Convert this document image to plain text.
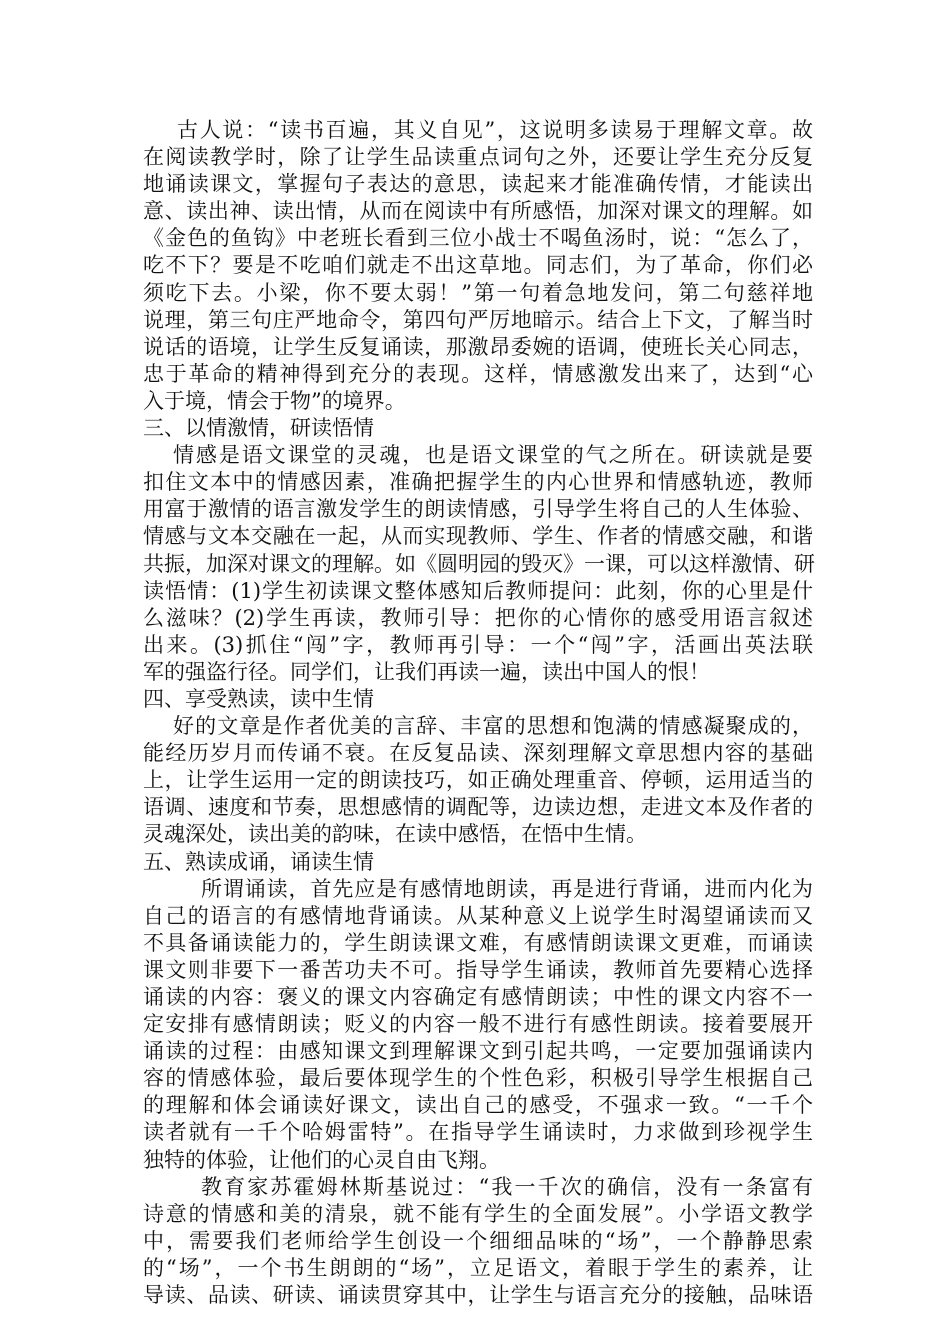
古人说：“读书百遍，其义自见”，这说明多读易于理解文章。故
在阅读教学时，除了让学生品读重点词句之外，还要让学生充分反复
地诵读课文，掌握句子表达的意思，读起来才能准确传情，才能读出
意、读出神、读出情，从而在阅读中有所感悟，加深对课文的理解。如
《金色的鱼钩》中老班长看到三位小战士不喝鱼汤时，说：“怎么了，
吃不下？要是不吃咱们就走不出这草地。同志们，为了革命，你们必
须吃下去。小梁，你不要太弱！”第一句着急地发问，第二句慈祥地
说理，第三句庄严地命令，第四句严厉地暗示。结合上下文，了解当时
说话的语境，让学生反复诵读，那激昂委婉的语调，使班长关心同志，
忠于革命的精神得到充分的表现。这样，情感激发出来了，达到“心
入于境，情会于物”的境界。
三、以情激情，研读悟情
情感是语文课堂的灵魂，也是语文课堂的气之所在。研读就是要
扣住文本中的情感因素，准确把握学生的内心世界和情感轨迹，教师
用富于激情的语言激发学生的朗读情感，引导学生将自己的人生体验、
情感与文本交融在一起，从而实现教师、学生、作者的情感交融，和谐
共振，加深对课文的理解。如《圆明园的毁灭》一课，可以这样激情、研
读悟情：(1)学生初读课文整体感知后教师提问：此刻，你的心里是什
么滋味？(2)学生再读，教师引导：把你的心情你的感受用语言叙述
出来。(3)抓住“闯”字，教师再引导：一个“闯”字，活画出英法联
军的强盗行径。同学们，让我们再读一遍，读出中国人的恨！
四、享受熟读，读中生情
好的文章是作者优美的言辞、丰富的思想和饱满的情感凝聚成的，
能经历岁月而传诵不衰。在反复品读、深刻理解文章思想内容的基础
上，让学生运用一定的朗读技巧，如正确处理重音、停顿，运用适当的
语调、速度和节奏，思想感情的调配等，边读边想，走进文本及作者的
灵魂深处，读出美的韵味，在读中感悟，在悟中生情。
五、熟读成诵，诵读生情
所谓诵读，首先应是有感情地朗读，再是进行背诵，进而内化为
自己的语言的有感情地背诵读。从某种意义上说学生时渴望诵读而又
不具备诵读能力的，学生朗读课文难，有感情朗读课文更难，而诵读
课文则非要下一番苦功夫不可。指导学生诵读，教师首先要精心选择
诵读的内容：褒义的课文内容确定有感情朗读；中性的课文内容不一
定安排有感情朗读；贬义的内容一般不进行有感性朗读。接着要展开
诵读的过程：由感知课文到理解课文到引起共鸣，一定要加强诵读内
容的情感体验，最后要体现学生的个性色彩，积极引导学生根据自己
的理解和体会诵读好课文，读出自己的感受，不强求一致。“一千个
读者就有一千个哈姆雷特”。在指导学生诵读时，力求做到珍视学生
独特的体验，让他们的心灵自由飞翔。
教育家苏霍姆林斯基说过：“我一千次的确信，没有一条富有
诗意的情感和美的清泉，就不能有学生的全面发展”。小学语文教学
中，需要我们老师给学生创设一个细细品味的“场”，一个静静思索
的“场”，一个书生朗朗的“场”，立足语文，着眼于学生的素养，让
导读、品读、研读、诵读贯穿其中，让学生与语言充分的接触，品味语
